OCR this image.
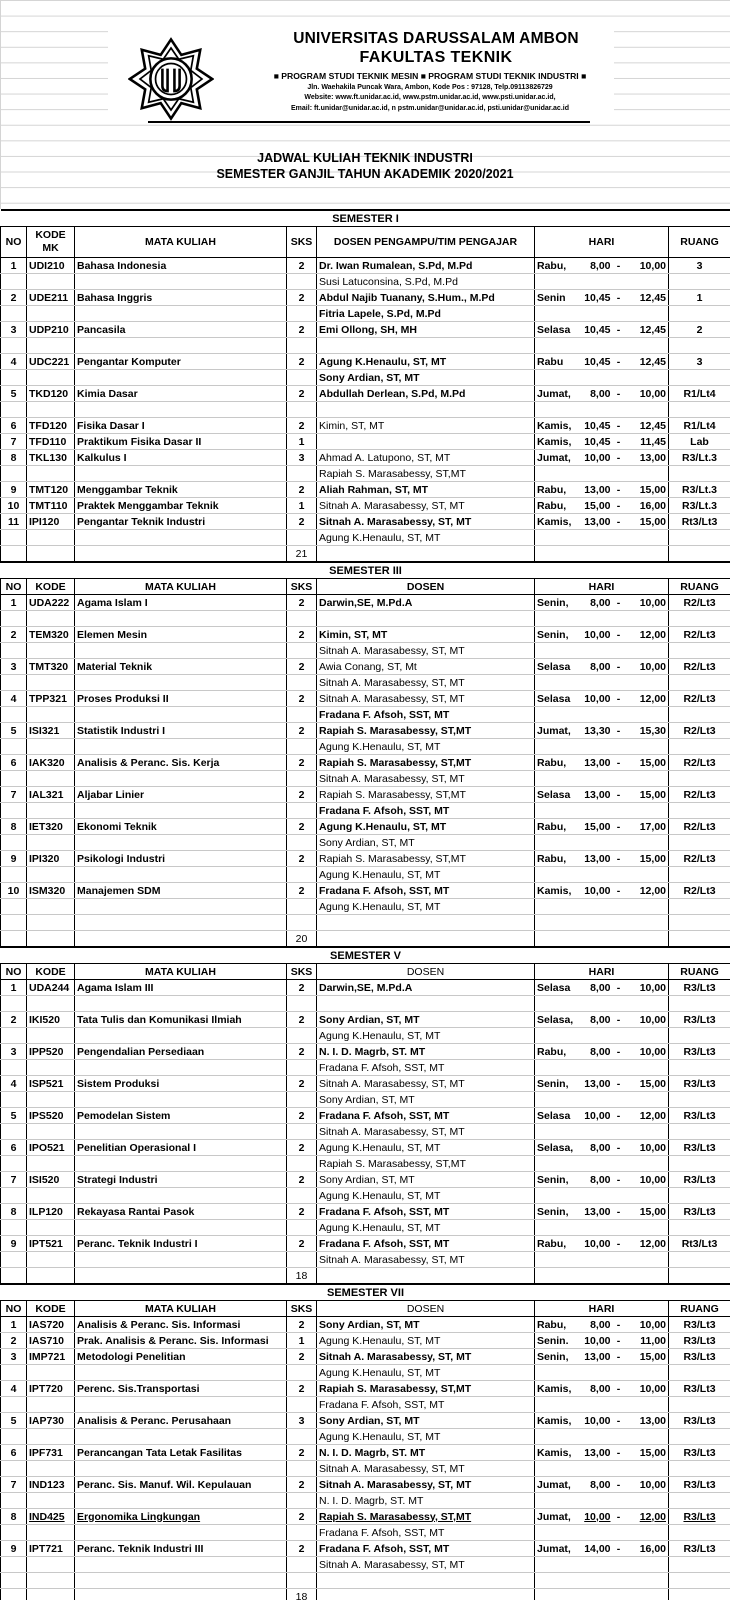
UNIVERSITAS DARUSSALAM AMBON
FAKULTAS TEKNIK
■ PROGRAM STUDI TEKNIK MESIN ■ PROGRAM STUDI TEKNIK INDUSTRI ■
Jln. Waehakila Puncak Wara, Ambon, Kode Pos : 97128, Telp.09113826729
Website: www.ft.unidar.ac.id, www.pstm.unidar.ac.id, www.psti.unidar.ac.id,
Email: ft.unidar@unidar.ac.id, n pstm.unidar@unidar.ac.id, psti.unidar@unidar.ac.id
JADWAL KULIAH TEKNIK INDUSTRI
SEMESTER GANJIL TAHUN AKADEMIK 2020/2021
SEMESTER I									
NO	KODE MK	MATA KULIAH	SKS	DOSEN PENGAMPU/TIM PENGAJAR	HARI				RUANG
1	UDI210	Bahasa Indonesia	2	Dr. Iwan Rumalean, S.Pd, M.Pd	Rabu,	8,00	-	10,00	3
				Susi Latuconsina, S.Pd, M.Pd					
2	UDE211	Bahasa Inggris	2	Abdul Najib Tuanany, S.Hum., M.Pd	Senin	10,45	-	12,45	1
				Fitria Lapele, S.Pd, M.Pd					
3	UDP210	Pancasila	2	Emi Ollong, SH, MH	Selasa	10,45	-	12,45	2

4	UDC221	Pengantar Komputer	2	Agung K.Henaulu, ST, MT	Rabu	10,45	-	12,45	3
				Sony Ardian, ST, MT					
5	TKD120	Kimia Dasar	2	Abdullah Derlean, S.Pd, M.Pd	Jumat,	8,00	-	10,00	R1/Lt4

6	TFD120	Fisika Dasar I	2	Kimin, ST, MT	Kamis,	10,45	-	12,45	R1/Lt4
7	TFD110	Praktikum Fisika Dasar II	1		Kamis,	10,45	-	11,45	Lab
8	TKL130	Kalkulus I	3	Ahmad A. Latupono, ST, MT	Jumat,	10,00	-	13,00	R3/Lt.3
				Rapiah S. Marasabessy, ST,MT					
9	TMT120	Menggambar Teknik	2	Aliah Rahman, ST, MT	Rabu,	13,00	-	15,00	R3/Lt.3
10	TMT110	Praktek Menggambar Teknik	1	Sitnah A. Marasabessy, ST, MT	Rabu,	15,00	-	16,00	R3/Lt.3
11	IPI120	Pengantar Teknik Industri	2	Sitnah A. Marasabessy, ST, MT	Kamis,	13,00	-	15,00	Rt3/Lt3
				Agung K.Henaulu, ST, MT					
			21						
SEMESTER III									
NO	KODE	MATA KULIAH	SKS	DOSEN	HARI				RUANG
1	UDA222	Agama Islam I	2	Darwin,SE, M.Pd.A	Senin,	8,00	-	10,00	R2/Lt3

2	TEM320	Elemen Mesin	2	Kimin, ST, MT	Senin,	10,00	-	12,00	R2/Lt3
				Sitnah A. Marasabessy, ST, MT					
3	TMT320	Material Teknik	2	Awia Conang, ST, Mt	Selasa	8,00	-	10,00	R2/Lt3
				Sitnah A. Marasabessy, ST, MT					
4	TPP321	Proses Produksi II	2	Sitnah A. Marasabessy, ST, MT	Selasa	10,00	-	12,00	R2/Lt3
				Fradana F. Afsoh, SST, MT					
5	ISI321	Statistik Industri I	2	Rapiah S. Marasabessy, ST,MT	Jumat,	13,30	-	15,30	R2/Lt3
				Agung K.Henaulu, ST, MT					
6	IAK320	Analisis & Peranc. Sis. Kerja	2	Rapiah S. Marasabessy, ST,MT	Rabu,	13,00	-	15,00	R2/Lt3
				Sitnah A. Marasabessy, ST, MT					
7	IAL321	Aljabar Linier	2	Rapiah S. Marasabessy, ST,MT	Selasa	13,00	-	15,00	R2/Lt3
				Fradana F. Afsoh, SST, MT					
8	IET320	Ekonomi Teknik	2	Agung K.Henaulu, ST, MT	Rabu,	15,00	-	17,00	R2/Lt3
				Sony Ardian, ST, MT					
9	IPI320	Psikologi Industri	2	Rapiah S. Marasabessy, ST,MT	Rabu,	13,00	-	15,00	R2/Lt3
				Agung K.Henaulu, ST, MT					
10	ISM320	Manajemen SDM	2	Fradana F. Afsoh, SST, MT	Kamis,	10,00	-	12,00	R2/Lt3
				Agung K.Henaulu, ST, MT					

			20						
SEMESTER V									
NO	KODE	MATA KULIAH	SKS	DOSEN	HARI				RUANG
1	UDA244	Agama Islam III	2	Darwin,SE, M.Pd.A	Selasa	8,00	-	10,00	R3/Lt3

2	IKI520	Tata Tulis dan Komunikasi Ilmiah	2	Sony Ardian, ST, MT	Selasa,	8,00	-	10,00	R3/Lt3
				Agung K.Henaulu, ST, MT					
3	IPP520	Pengendalian Persediaan	2	N. I. D. Magrb, ST. MT	Rabu,	8,00	-	10,00	R3/Lt3
				Fradana F. Afsoh, SST, MT					
4	ISP521	Sistem Produksi	2	Sitnah A. Marasabessy, ST, MT	Senin,	13,00	-	15,00	R3/Lt3
				Sony Ardian, ST, MT					
5	IPS520	Pemodelan Sistem	2	Fradana F. Afsoh, SST, MT	Selasa	10,00	-	12,00	R3/Lt3
				Sitnah A. Marasabessy, ST, MT					
6	IPO521	Penelitian Operasional I	2	Agung K.Henaulu, ST, MT	Selasa,	8,00	-	10,00	R3/Lt3
				Rapiah S. Marasabessy, ST,MT					
7	ISI520	Strategi Industri	2	Sony Ardian, ST, MT	Senin,	8,00	-	10,00	R3/Lt3
				Agung K.Henaulu, ST, MT					
8	ILP120	Rekayasa Rantai Pasok	2	Fradana F. Afsoh, SST, MT	Senin,	13,00	-	15,00	R3/Lt3
				Agung K.Henaulu, ST, MT					
9	IPT521	Peranc. Teknik Industri I	2	Fradana F. Afsoh, SST, MT	Rabu,	10,00	-	12,00	Rt3/Lt3
				Sitnah A. Marasabessy, ST, MT					
			18						
SEMESTER VII									
NO	KODE	MATA KULIAH	SKS	DOSEN	HARI				RUANG
1	IAS720	Analisis & Peranc. Sis. Informasi	2	Sony Ardian, ST, MT	Rabu,	8,00	-	10,00	R3/Lt3
2	IAS710	Prak. Analisis & Peranc. Sis. Informasi	1	Agung K.Henaulu, ST, MT	Senin.	10,00	-	11,00	R3/Lt3
3	IMP721	Metodologi Penelitian	2	Sitnah A. Marasabessy, ST, MT	Senin,	13,00	-	15,00	R3/Lt3
				Agung K.Henaulu, ST, MT					
4	IPT720	Perenc. Sis.Transportasi	2	Rapiah S. Marasabessy, ST,MT	Kamis,	8,00	-	10,00	R3/Lt3
				Fradana F. Afsoh, SST, MT					
5	IAP730	Analisis & Peranc. Perusahaan	3	Sony Ardian, ST, MT	Kamis,	10,00	-	13,00	R3/Lt3
				Agung K.Henaulu, ST, MT					
6	IPF731	Perancangan Tata Letak Fasilitas	2	N. I. D. Magrb, ST. MT	Kamis,	13,00	-	15,00	R3/Lt3
				Sitnah A. Marasabessy, ST, MT					
7	IND123	Peranc. Sis. Manuf. Wil. Kepulauan	2	Sitnah A. Marasabessy, ST, MT	Jumat,	8,00	-	10,00	R3/Lt3
				N. I. D. Magrb, ST. MT					
8	IND425	Ergonomika Lingkungan	2	Rapiah S. Marasabessy, ST,MT	Jumat,	10,00	-	12,00	R3/Lt3
				Fradana F. Afsoh, SST, MT					
9	IPT721	Peranc. Teknik Industri III	2	Fradana F. Afsoh, SST, MT	Jumat,	14,00	-	16,00	R3/Lt3
				Sitnah A. Marasabessy, ST, MT					

			18						
